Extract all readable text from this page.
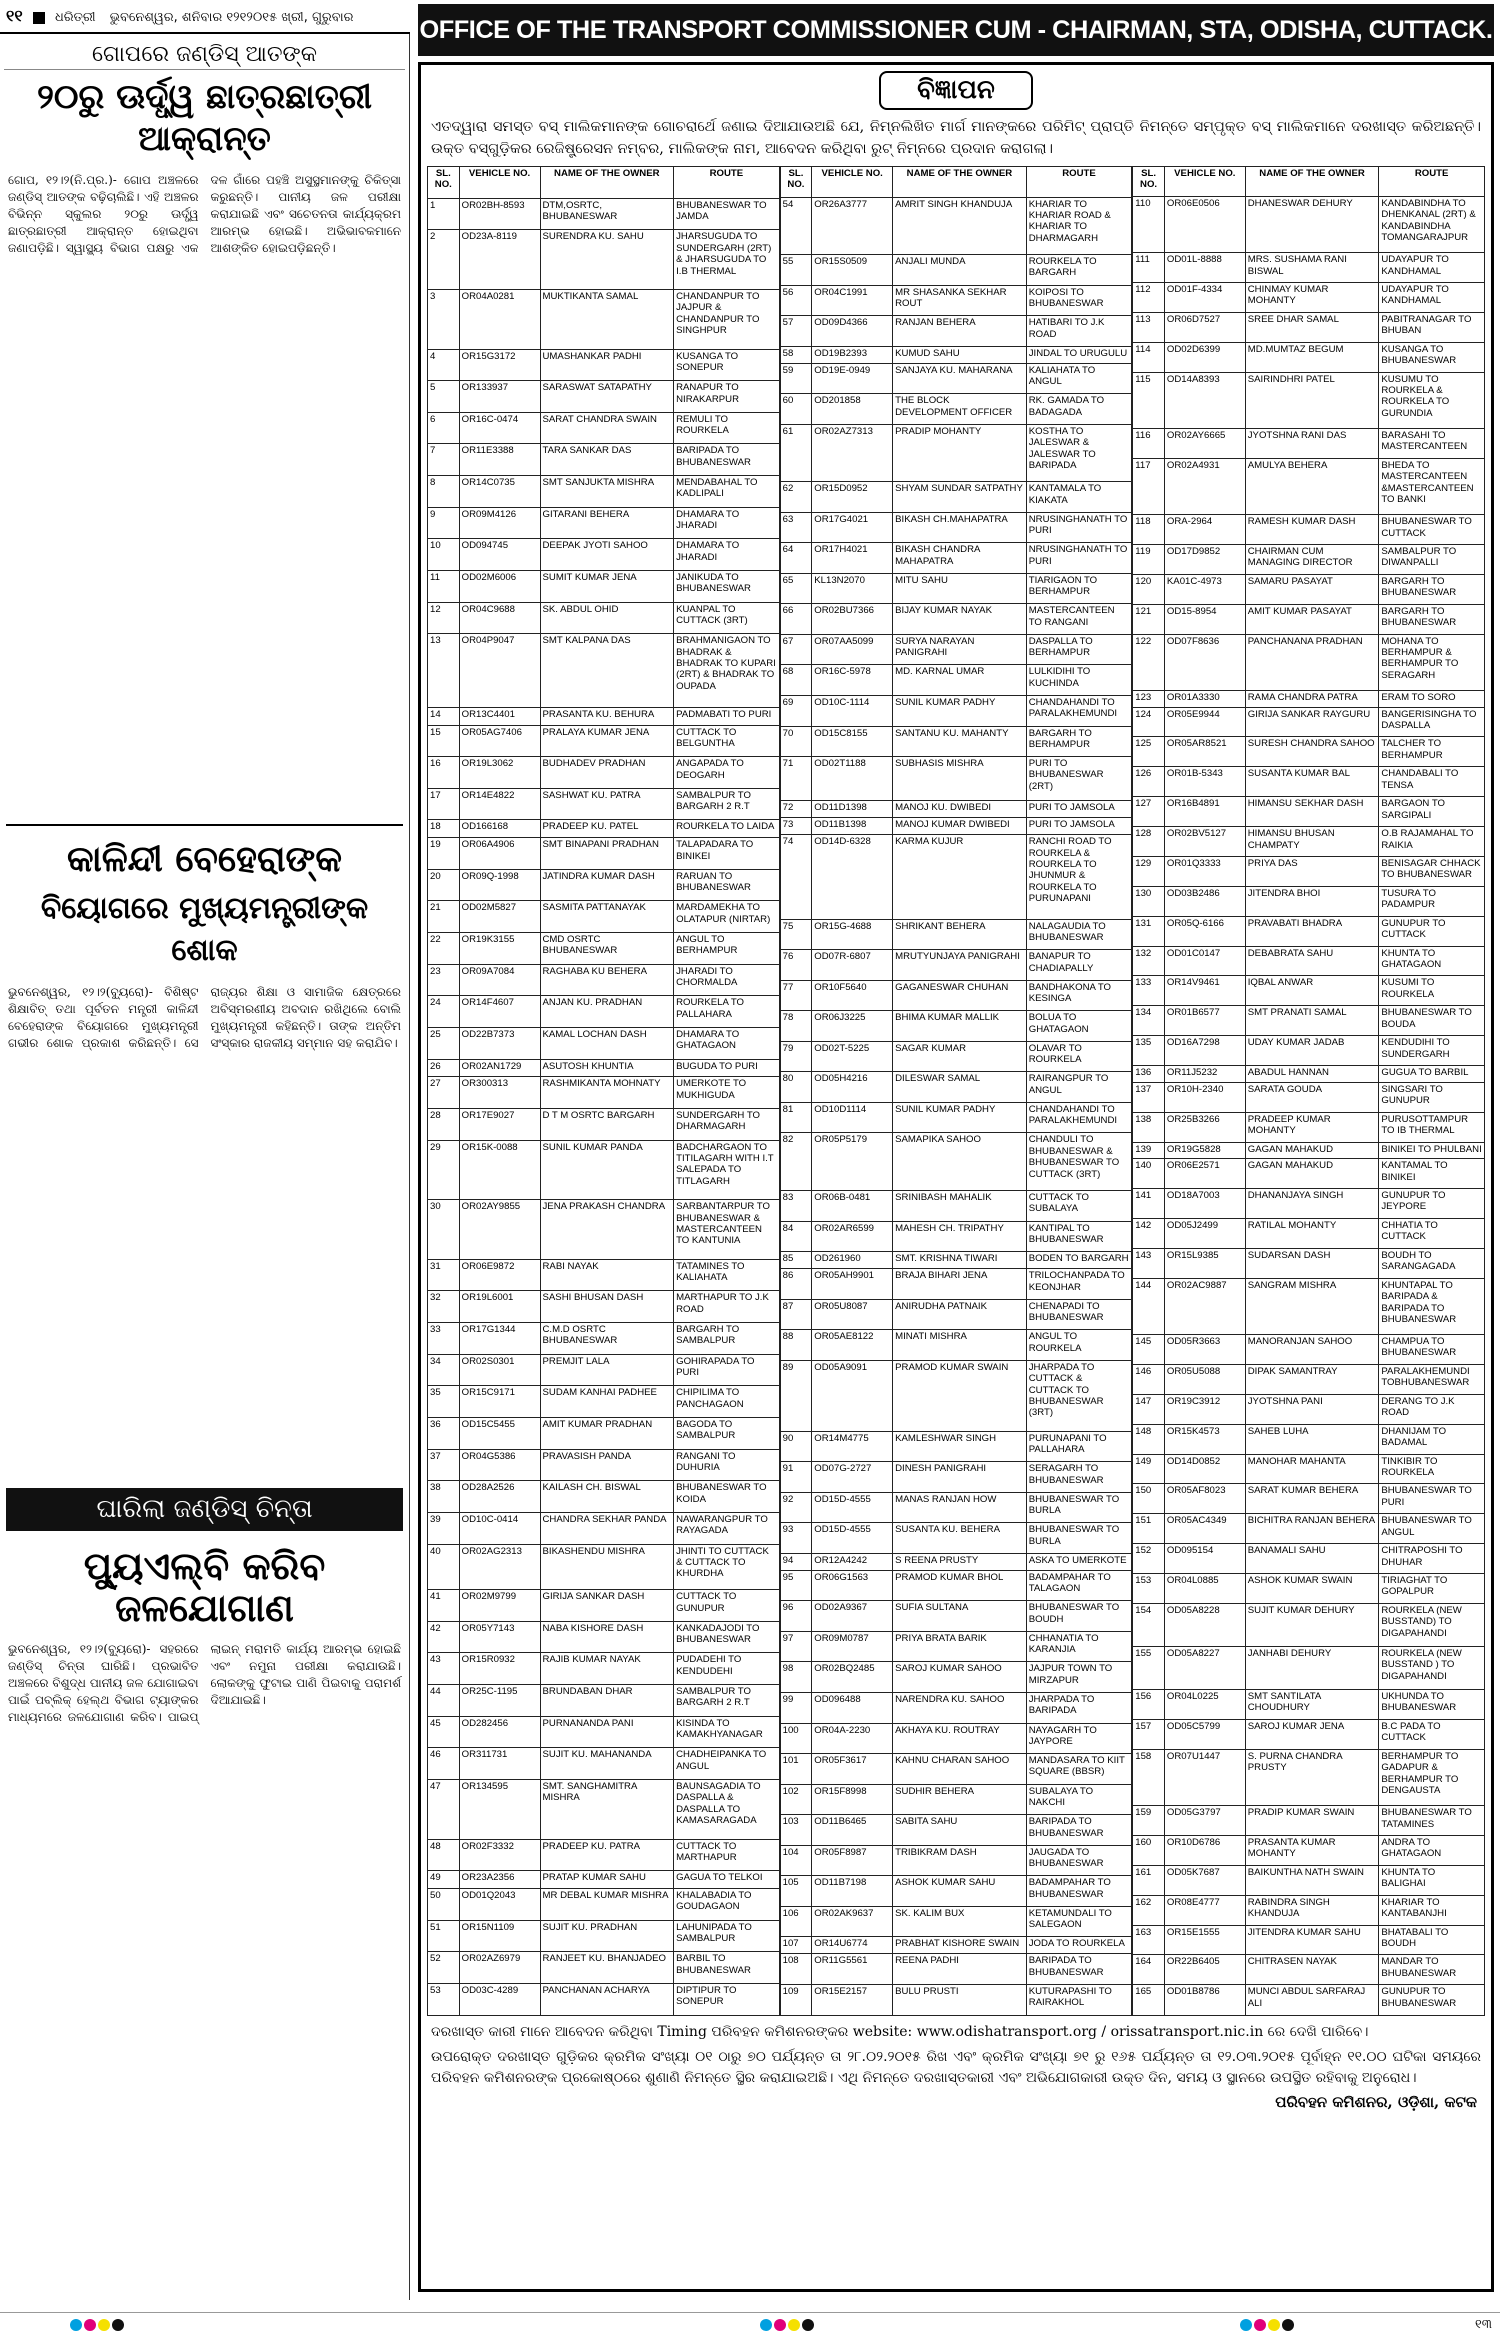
୧୧ ଧରିତ୍ରୀ ଭୁବନେଶ୍ୱର, ଶନିବାର ୧୨୧୨୦୧୫ ଖ୍ରୀ, ଗୁରୁବାର
ଗୋପରେ ଜଣ୍ଡିସ୍ ଆତଙ୍କ
୨୦ରୁ ଊର୍ଦ୍ଧ୍ୱ ଛାତ୍ରଛାତ୍ରୀ ଆକ୍ରାନ୍ତ
ଗୋପ, ୧୨।୨(ନି.ପ୍ର.)- ଗୋପ ଅଞ୍ଚଳରେ ଜଣ୍ଡିସ୍ ଆତଙ୍କ ବଢ଼ିଚାଲିଛି। ଏହି ଅଞ୍ଚଳର ବିଭିନ୍ନ ସ୍କୁଲର ୨୦ରୁ ଊର୍ଦ୍ଧ୍ୱ ଛାତ୍ରଛାତ୍ରୀ ଆକ୍ରାନ୍ତ ହୋଇଥିବା ଜଣାପଡ଼ିଛି। ସ୍ୱାସ୍ଥ୍ୟ ବିଭାଗ ପକ୍ଷରୁ ଏକ ଦଳ ଗାଁରେ ପହଞ୍ଚି ଅସୁସ୍ଥମାନଙ୍କୁ ଚିକିତ୍ସା କରୁଛନ୍ତି। ପାନୀୟ ଜଳ ପରୀକ୍ଷା କରାଯାଇଛି ଏବଂ ସଚେତନତା କାର୍ଯ୍ୟକ୍ରମ ଆରମ୍ଭ ହୋଇଛି। ଅଭିଭାବକମାନେ ଆଶଙ୍କିତ ହୋଇପଡ଼ିଛନ୍ତି।
କାଳିନ୍ଦୀ ବେହେରାଙ୍କ
ବିୟୋଗରେ ମୁଖ୍ୟମନ୍ତ୍ରୀଙ୍କ ଶୋକ
ଭୁବନେଶ୍ୱର, ୧୨।୨(ବ୍ୟୁରୋ)- ବିଶିଷ୍ଟ ଶିକ୍ଷାବିତ୍ ତଥା ପୂର୍ବତନ ମନ୍ତ୍ରୀ କାଳିନ୍ଦୀ ବେହେରାଙ୍କ ବିୟୋଗରେ ମୁଖ୍ୟମନ୍ତ୍ରୀ ଗଭୀର ଶୋକ ପ୍ରକାଶ କରିଛନ୍ତି। ସେ ରାଜ୍ୟର ଶିକ୍ଷା ଓ ସାମାଜିକ କ୍ଷେତ୍ରରେ ଅବିସ୍ମରଣୀୟ ଅବଦାନ ରଖିଥିଲେ ବୋଲି ମୁଖ୍ୟମନ୍ତ୍ରୀ କହିଛନ୍ତି। ତାଙ୍କ ଅନ୍ତିମ ସଂସ୍କାର ରାଜକୀୟ ସମ୍ମାନ ସହ କରାଯିବ।
ଘାରିଲା ଜଣ୍ଡିସ୍ ଚିନ୍ତା
ପ୍ୟୁଏଲ୍‌ବି କରିବ ଜଳଯୋଗାଣ
ଭୁବନେଶ୍ୱର, ୧୨।୨(ବ୍ୟୁରୋ)- ସହରରେ ଜଣ୍ଡିସ୍ ଚିନ୍ତା ଘାରିଛି। ପ୍ରଭାବିତ ଅଞ୍ଚଳରେ ବିଶୁଦ୍ଧ ପାନୀୟ ଜଳ ଯୋଗାଇବା ପାଇଁ ପବ୍ଲିକ୍ ହେଲ୍ଥ ବିଭାଗ ଟ୍ୟାଙ୍କର ମାଧ୍ୟମରେ ଜଳଯୋଗାଣ କରିବ। ପାଇପ୍ ଲାଇନ୍ ମରାମତି କାର୍ଯ୍ୟ ଆରମ୍ଭ ହୋଇଛି ଏବଂ ନମୁନା ପରୀକ୍ଷା କରାଯାଉଛି। ଲୋକଙ୍କୁ ଫୁଟାଇ ପାଣି ପିଇବାକୁ ପରାମର୍ଶ ଦିଆଯାଇଛି।
OFFICE OF THE TRANSPORT COMMISSIONER CUM - CHAIRMAN, STA, ODISHA, CUTTACK.
ବିଜ୍ଞାପନ
ଏତଦ୍ୱାରା ସମସ୍ତ ବସ୍ ମାଲିକମାନଙ୍କ ଗୋଚରାର୍ଥେ ଜଣାଇ ଦିଆଯାଉଅଛି ଯେ, ନିମ୍ନଲିଖିତ ମାର୍ଗ ମାନଙ୍କରେ ପରିମିଟ୍ ପ୍ରାପ୍ତି ନିମନ୍ତେ ସମ୍ପୃକ୍ତ ବସ୍ ମାଲିକମାନେ ଦରଖାସ୍ତ କରିଅଛନ୍ତି। ଉକ୍ତ ବସ୍‌ଗୁଡ଼ିକର ରେଜିଷ୍ଟ୍ରେସନ ନମ୍ବର, ମାଲିକଙ୍କ ନାମ, ଆବେଦନ କରିଥିବା ରୁଟ୍ ନିମ୍ନରେ ପ୍ରଦାନ କରାଗଲା।
SL. NO.	VEHICLE NO.	NAME OF THE OWNER	ROUTE
1	OR02BH-8593	DTM,OSRTC, BHUBANESWAR	BHUBANESWAR TO JAMDA
2	OD23A-8119	SURENDRA KU. SAHU	JHARSUGUDA TO SUNDERGARH (2RT) & JHARSUGUDA TO I.B THERMAL
3	OR04A0281	MUKTIKANTA SAMAL	CHANDANPUR TO JAJPUR & CHANDANPUR TO SINGHPUR
4	OR15G3172	UMASHANKAR PADHI	KUSANGA TO SONEPUR
5	OR133937	SARASWAT SATAPATHY	RANAPUR TO NIRAKARPUR
6	OR16C-0474	SARAT CHANDRA SWAIN	REMULI TO ROURKELA
7	OR11E3388	TARA SANKAR DAS	BARIPADA TO BHUBANESWAR
8	OR14C0735	SMT SANJUKTA MISHRA	MENDABAHAL TO KADLIPALI
9	OR09M4126	GITARANI BEHERA	DHAMARA TO JHARADI
10	OD094745	DEEPAK JYOTI SAHOO	DHAMARA TO JHARADI
11	OD02M6006	SUMIT KUMAR JENA	JANIKUDA TO BHUBANESWAR
12	OR04C9688	SK. ABDUL OHID	KUANPAL TO CUTTACK (3RT)
13	OR04P9047	SMT KALPANA DAS	BRAHMANIGAON TO BHADRAK & BHADRAK TO KUPARI (2RT) & BHADRAK TO OUPADA
14	OR13C4401	PRASANTA KU. BEHURA	PADMABATI TO PURI
15	OR05AG7406	PRALAYA KUMAR JENA	CUTTACK TO BELGUNTHA
16	OR19L3062	BUDHADEV PRADHAN	ANGAPADA TO DEOGARH
17	OR14E4822	SASHWAT KU. PATRA	SAMBALPUR TO BARGARH 2 R.T
18	OD166168	PRADEEP KU. PATEL	ROURKELA TO LAIDA
19	OR06A4906	SMT BINAPANI PRADHAN	TALAPADARA TO BINIKEI
20	OR09Q-1998	JATINDRA KUMAR DASH	RARUAN TO BHUBANESWAR
21	OD02M5827	SASMITA PATTANAYAK	MARDAMEKHA TO OLATAPUR (NIRTAR)
22	OR19K3155	CMD OSRTC BHUBANESWAR	ANGUL TO BERHAMPUR
23	OR09A7084	RAGHABA KU BEHERA	JHARADI TO CHORMALDA
24	OR14F4607	ANJAN KU. PRADHAN	ROURKELA TO PALLAHARA
25	OD22B7373	KAMAL LOCHAN DASH	DHAMARA TO GHATAGAON
26	OR02AN1729	ASUTOSH KHUNTIA	BUGUDA TO PURI
27	OR300313	RASHMIKANTA MOHNATY	UMERKOTE TO MUKHIGUDA
28	OR17E9027	D T M OSRTC BARGARH	SUNDERGARH TO DHARMAGARH
29	OR15K-0088	SUNIL KUMAR PANDA	BADCHARGAON TO TITILAGARH WITH I.T SALEPADA TO TITLAGARH
30	OR02AY9855	JENA PRAKASH CHANDRA	SARBANTARPUR TO BHUBANESWAR & MASTERCANTEEN TO KANTUNIA
31	OR06E9872	RABI NAYAK	TATAMINES TO KALIAHATA
32	OR19L6001	SASHI BHUSAN DASH	MARTHAPUR TO J.K ROAD
33	OR17G1344	C.M.D OSRTC BHUBANESWAR	BARGARH TO SAMBALPUR
34	OR02S0301	PREMJIT LALA	GOHIRAPADA TO PURI
35	OR15C9171	SUDAM KANHAI PADHEE	CHIPILIMA TO PANCHAGAON
36	OD15C5455	AMIT KUMAR PRADHAN	BAGODA TO SAMBALPUR
37	OR04G5386	PRAVASISH PANDA	RANGANI TO DUHURIA
38	OD28A2526	KAILASH CH. BISWAL	BHUBANESWAR TO KOIDA
39	OD10C-0414	CHANDRA SEKHAR PANDA	NAWARANGPUR TO RAYAGADA
40	OR02AG2313	BIKASHENDU MISHRA	JHINTI TO CUTTACK & CUTTACK TO KHURDHA
41	OR02M9799	GIRIJA SANKAR DASH	CUTTACK TO GUNUPUR
42	OR05Y7143	NABA KISHORE DASH	KANKADAJODI TO BHUBANESWAR
43	OR15R0932	RAJIB KUMAR NAYAK	PUDADEHI TO KENDUDEHI
44	OR25C-1195	BRUNDABAN DHAR	SAMBALPUR TO BARGARH 2 R.T
45	OD282456	PURNANANDA PANI	KISINDA TO KAMAKHYANAGAR
46	OR311731	SUJIT KU. MAHANANDA	CHADHEIPANKA TO ANGUL
47	OR134595	SMT. SANGHAMITRA MISHRA	BAUNSAGADIA TO DASPALLA & DASPALLA TO KAMASARAGADA
48	OR02F3332	PRADEEP KU. PATRA	CUTTACK TO MARTHAPUR
49	OR23A2356	PRATAP KUMAR SAHU	GAGUA TO TELKOI
50	OD01Q2043	MR DEBAL KUMAR MISHRA	KHALABADIA TO GOUDAGAON
51	OR15N1109	SUJIT KU. PRADHAN	LAHUNIPADA TO SAMBALPUR
52	OR02AZ6979	RANJEET KU. BHANJADEO	BARBIL TO BHUBANESWAR
53	OD03C-4289	PANCHANAN ACHARYA	DIPTIPUR TO SONEPUR
SL. NO.	VEHICLE NO.	NAME OF THE OWNER	ROUTE
54	OR26A3777	AMRIT SINGH KHANDUJA	KHARIAR TO KHARIAR ROAD & KHARIAR TO DHARMAGARH
55	OR15S0509	ANJALI MUNDA	ROURKELA TO BARGARH
56	OR04C1991	MR SHASANKA SEKHAR ROUT	KOIPOSI TO BHUBANESWAR
57	OD09D4366	RANJAN BEHERA	HATIBARI TO J.K ROAD
58	OD19B2393	KUMUD SAHU	JINDAL TO URUGULU
59	OD19E-0949	SANJAYA KU. MAHARANA	KALIAHATA TO ANGUL
60	OD201858	THE BLOCK DEVELOPMENT OFFICER	RK. GAMADA TO BADAGADA
61	OR02AZ7313	PRADIP MOHANTY	KOSTHA TO JALESWAR & JALESWAR TO BARIPADA
62	OR15D0952	SHYAM SUNDAR SATPATHY	KANTAMALA TO KIAKATA
63	OR17G4021	BIKASH CH.MAHAPATRA	NRUSINGHANATH TO PURI
64	OR17H4021	BIKASH CHANDRA MAHAPATRA	NRUSINGHANATH TO PURI
65	KL13N2070	MITU SAHU	TIARIGAON TO BERHAMPUR
66	OR02BU7366	BIJAY KUMAR NAYAK	MASTERCANTEEN TO RANGANI
67	OR07AA5099	SURYA NARAYAN PANIGRAHI	DASPALLA TO BERHAMPUR
68	OR16C-5978	MD. KARNAL UMAR	LULKIDIHI TO KUCHINDA
69	OD10C-1114	SUNIL KUMAR PADHY	CHANDAHANDI TO PARALAKHEMUNDI
70	OD15C8155	SANTANU KU. MAHANTY	BARGARH TO BERHAMPUR
71	OD02T1188	SUBHASIS MISHRA	PURI TO BHUBANESWAR (2RT)
72	OD11D1398	MANOJ KU. DWIBEDI	PURI TO JAMSOLA
73	OD11B1398	MANOJ KUMAR DWIBEDI	PURI TO JAMSOLA
74	OD14D-6328	KARMA KUJUR	RANCHI ROAD TO ROURKELA & ROURKELA TO JHUNMUR & ROURKELA TO PURUNAPANI
75	OR15G-4688	SHRIKANT BEHERA	NALAGAUDIA TO BHUBANESWAR
76	OD07R-6807	MRUTYUNJAYA PANIGRAHI	BANAPUR TO CHADIAPALLY
77	OR10F5640	GAGANESWAR CHUHAN	BANDHAKONA TO KESINGA
78	OR06J3225	BHIMA KUMAR MALLIK	BOLUA TO GHATAGAON
79	OD02T-5225	SAGAR KUMAR	OLAVAR TO ROURKELA
80	OD05H4216	DILESWAR SAMAL	RAIRANGPUR TO ANGUL
81	OD10D1114	SUNIL KUMAR PADHY	CHANDAHANDI TO PARALAKHEMUNDI
82	OR05P5179	SAMAPIKA SAHOO	CHANDULI TO BHUBANESWAR & BHUBANESWAR TO CUTTACK (3RT)
83	OR06B-0481	SRINIBASH MAHALIK	CUTTACK TO SUBALAYA
84	OR02AR6599	MAHESH CH. TRIPATHY	KANTIPAL TO BHUBANESWAR
85	OD261960	SMT. KRISHNA TIWARI	BODEN TO BARGARH
86	OR05AH9901	BRAJA BIHARI JENA	TRILOCHANPADA TO KEONJHAR
87	OR05U8087	ANIRUDHA PATNAIK	CHENAPADI TO BHUBANESWAR
88	OR05AE8122	MINATI MISHRA	ANGUL TO ROURKELA
89	OD05A9091	PRAMOD KUMAR SWAIN	JHARPADA TO CUTTACK & CUTTACK TO BHUBANESWAR (3RT)
90	OR14M4775	KAMLESHWAR SINGH	PURUNAPANI TO PALLAHARA
91	OD07G-2727	DINESH PANIGRAHI	SERAGARH TO BHUBANESWAR
92	OD15D-4555	MANAS RANJAN HOW	BHUBANESWAR TO BURLA
93	OD15D-4555	SUSANTA KU. BEHERA	BHUBANESWAR TO BURLA
94	OR12A4242	S REENA PRUSTY	ASKA TO UMERKOTE
95	OR06G1563	PRAMOD KUMAR BHOL	BADAMPAHAR TO TALAGAON
96	OD02A9367	SUFIA SULTANA	BHUBANESWAR TO BOUDH
97	OR09M0787	PRIYA BRATA BARIK	CHHANATIA TO KARANJIA
98	OR02BQ2485	SAROJ KUMAR SAHOO	JAJPUR TOWN TO MIRZAPUR
99	OD096488	NARENDRA KU. SAHOO	JHARPADA TO BARIPADA
100	OR04A-2230	AKHAYA KU. ROUTRAY	NAYAGARH TO JAYPORE
101	OR05F3617	KAHNU CHARAN SAHOO	MANDASARA TO KIIT SQUARE (BBSR)
102	OR15F8998	SUDHIR BEHERA	SUBALAYA TO NAKCHI
103	OD11B6465	SABITA SAHU	BARIPADA TO BHUBANESWAR
104	OR05F8987	TRIBIKRAM DASH	JAUGADA TO BHUBANESWAR
105	OD11B7198	ASHOK KUMAR SAHU	BADAMPAHAR TO BHUBANESWAR
106	OR02AK9637	SK. KALIM BUX	KETAMUNDALI TO SALEGAON
107	OR14U6774	PRABHAT KISHORE SWAIN	JODA TO ROURKELA
108	OR11G5561	REENA PADHI	BARIPADA TO BHUBANESWAR
109	OR15E2157	BULU PRUSTI	KUTURAPASHI TO RAIRAKHOL
SL. NO.	VEHICLE NO.	NAME OF THE OWNER	ROUTE
110	OR06E0506	DHANESWAR DEHURY	KANDABINDHA TO DHENKANAL (2RT) & KANDABINDHA TOMANGARAJPUR
111	OD01L-8888	MRS. SUSHAMA RANI BISWAL	UDAYAPUR TO KANDHAMAL
112	OD01F-4334	CHINMAY KUMAR MOHANTY	UDAYAPUR TO KANDHAMAL
113	OR06D7527	SREE DHAR SAMAL	PABITRANAGAR TO BHUBAN
114	OD02D6399	MD.MUMTAZ BEGUM	KUSANGA TO BHUBANESWAR
115	OD14A8393	SAIRINDHRI PATEL	KUSUMU TO ROURKELA & ROURKELA TO GURUNDIA
116	OR02AY6665	JYOTSHNA RANI DAS	BARASAHI TO MASTERCANTEEN
117	OR02A4931	AMULYA BEHERA	BHEDA TO MASTERCANTEEN &MASTERCANTEEN TO BANKI
118	ORA-2964	RAMESH KUMAR DASH	BHUBANESWAR TO CUTTACK
119	OD17D9852	CHAIRMAN CUM MANAGING DIRECTOR	SAMBALPUR TO DIWANPALLI
120	KA01C-4973	SAMARU PASAYAT	BARGARH TO BHUBANESWAR
121	OD15-8954	AMIT KUMAR PASAYAT	BARGARH TO BHUBANESWAR
122	OD07F8636	PANCHANANA PRADHAN	MOHANA TO BERHAMPUR & BERHAMPUR TO SERAGARH
123	OR01A3330	RAMA CHANDRA PATRA	ERAM TO SORO
124	OR05E9944	GIRIJA SANKAR RAYGURU	BANGERISINGHA TO DASPALLA
125	OR05AR8521	SURESH CHANDRA SAHOO	TALCHER TO BERHAMPUR
126	OR01B-5343	SUSANTA KUMAR BAL	CHANDABALI TO TENSA
127	OR16B4891	HIMANSU SEKHAR DASH	BARGAON TO SARGIPALI
128	OR02BV5127	HIMANSU BHUSAN CHAMPATY	O.B RAJAMAHAL TO RAIKIA
129	OR01Q3333	PRIYA DAS	BENISAGAR CHHACK TO BHUBANESWAR
130	OD03B2486	JITENDRA BHOI	TUSURA TO PADAMPUR
131	OR05Q-6166	PRAVABATI BHADRA	GUNUPUR TO CUTTACK
132	OD01C0147	DEBABRATA SAHU	KHUNTA TO GHATAGAON
133	OR14V9461	IQBAL ANWAR	KUSUMI TO ROURKELA
134	OR01B6577	SMT PRANATI SAMAL	BHUBANESWAR TO BOUDA
135	OD16A7298	UDAY KUMAR JADAB	KENDUDIHI TO SUNDERGARH
136	OR11J5232	ABADUL HANNAN	GUGUA TO BARBIL
137	OR10H-2340	SARATA GOUDA	SINGSARI TO GUNUPUR
138	OR25B3266	PRADEEP KUMAR MOHANTY	PURUSOTTAMPUR TO IB THERMAL
139	OR19G5828	GAGAN MAHAKUD	BINIKEI TO PHULBANI
140	OR06E2571	GAGAN MAHAKUD	KANTAMAL TO BINIKEI
141	OD18A7003	DHANANJAYA SINGH	GUNUPUR TO JEYPORE
142	OD05J2499	RATILAL MOHANTY	CHHATIA TO CUTTACK
143	OR15L9385	SUDARSAN DASH	BOUDH TO SARANGAGADA
144	OR02AC9887	SANGRAM MISHRA	KHUNTAPAL TO BARIPADA & BARIPADA TO BHUBANESWAR
145	OD05R3663	MANORANJAN SAHOO	CHAMPUA TO BHUBANESWAR
146	OR05U5088	DIPAK SAMANTRAY	PARALAKHEMUNDI TOBHUBANESWAR
147	OR19C3912	JYOTSHNA PANI	DERANG TO J.K ROAD
148	OR15K4573	SAHEB LUHA	DHANIJAM TO BADAMAL
149	OD14D0852	MANOHAR MAHANTA	TINKIBIR TO ROURKELA
150	OR05AF8023	SARAT KUMAR BEHERA	BHUBANESWAR TO PURI
151	OR05AC4349	BICHITRA RANJAN BEHERA	BHUBANESWAR TO ANGUL
152	OD095154	BANAMALI SAHU	CHITRAPOSHI TO DHUHAR
153	OR04L0885	ASHOK KUMAR SWAIN	TIRIAGHAT TO GOPALPUR
154	OD05A8228	SUJIT KUMAR DEHURY	ROURKELA (NEW BUSSTAND) TO DIGAPAHANDI
155	OD05A8227	JANHABI DEHURY	ROURKELA (NEW BUSSTAND ) TO DIGAPAHANDI
156	OR04L0225	SMT SANTILATA CHOUDHURY	UKHUNDA TO BHUBANESWAR
157	OD05C5799	SAROJ KUMAR JENA	B.C PADA TO CUTTACK
158	OR07U1447	S. PURNA CHANDRA PRUSTY	BERHAMPUR TO GADAPUR & BERHAMPUR TO DENGAUSTA
159	OD05G3797	PRADIP KUMAR SWAIN	BHUBANESWAR TO TATAMINES
160	OR10D6786	PRASANTA KUMAR MOHANTY	ANDRA TO GHATAGAON
161	OD05K7687	BAIKUNTHA NATH SWAIN	KHUNTA TO BALIGHAI
162	OR08E4777	RABINDRA SINGH KHANDUJA	KHARIAR TO KANTABANJHI
163	OR15E1555	JITENDRA KUMAR SAHU	BHATABALI TO BOUDH
164	OR22B6405	CHITRASEN NAYAK	MANDAR TO BHUBANESWAR
165	OD01B8786	MUNCI ABDUL SARFARAJ ALI	GUNUPUR TO BHUBANESWAR
ଦରଖାସ୍ତ କାରୀ ମାନେ ଆବେଦନ କରିଥିବା Timing ପରିବହନ କମିଶନରଙ୍କର website: www.odishatransport.org / orissatransport.nic.in ରେ ଦେଖି ପାରିବେ।
ଉପରୋକ୍ତ ଦରଖାସ୍ତ ଗୁଡ଼ିକର କ୍ରମିକ ସଂଖ୍ୟା ୦୧ ଠାରୁ ୭୦ ପର୍ଯ୍ୟନ୍ତ ତା ୨୮.୦୨.୨୦୧୫ ରିଖ ଏବଂ କ୍ରମିକ ସଂଖ୍ୟା ୭୧ ରୁ ୧୬୫ ପର୍ଯ୍ୟନ୍ତ ତା ୧୨.୦୩.୨୦୧୫ ପୂର୍ବାହ୍ନ ୧୧.୦୦ ଘଟିକା ସମୟରେ ପରିବହନ କମିଶନରଙ୍କ ପ୍ରକୋଷ୍ଠରେ ଶୁଣାଣି ନିମନ୍ତେ ସ୍ଥିର କରାଯାଇଅଛି। ଏଥି ନିମନ୍ତେ ଦରଖାସ୍ତକାରୀ ଏବଂ ଅଭିଯୋଗକାରୀ ଉକ୍ତ ଦିନ, ସମୟ ଓ ସ୍ଥାନରେ ଉପସ୍ଥିତ ରହିବାକୁ ଅନୁରୋଧ।
ପରିବହନ କମିଶନର, ଓଡ଼ିଶା, କଟକ
୧୩
